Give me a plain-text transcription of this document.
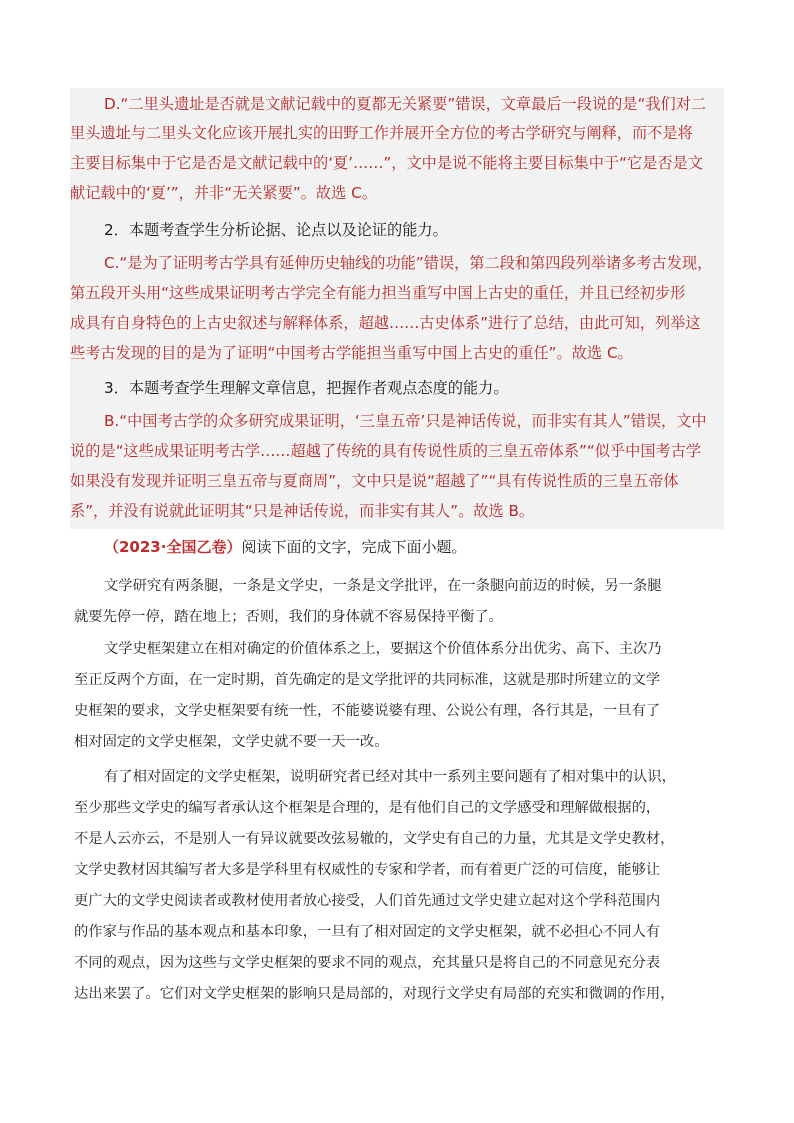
D.“二里头遗址是否就是文献记载中的夏都无关紧要”错误，文章最后一段说的是“我们对二

里头遗址与二里头文化应该开展扎实的田野工作并展开全方位的考古学研究与阐释，而不是将

主要目标集中于它是否是文献记载中的‘夏’……”，文中是说不能将主要目标集中于“它是否是文

献记载中的‘夏’”，并非“无关紧要”。故选 C。

2．本题考查学生分析论据、论点以及论证的能力。

C.“是为了证明考古学具有延伸历史轴线的功能”错误，第二段和第四段列举诸多考古发现，

第五段开头用“这些成果证明考古学完全有能力担当重写中国上古史的重任，并且已经初步形

成具有自身特色的上古史叙述与解释体系，超越……古史体系”进行了总结，由此可知，列举这

些考古发现的目的是为了证明“中国考古学能担当重写中国上古史的重任”。故选 C。

3．本题考查学生理解文章信息，把握作者观点态度的能力。

B.“中国考古学的众多研究成果证明，‘三皇五帝’只是神话传说，而非实有其人”错误，文中

说的是“这些成果证明考古学……超越了传统的具有传说性质的三皇五帝体系”“似乎中国考古学

如果没有发现并证明三皇五帝与夏商周”，文中只是说“超越了”“具有传说性质的三皇五帝体

系”，并没有说就此证明其“只是神话传说，而非实有其人”。故选 B。

（2023·全国乙卷）阅读下面的文字，完成下面小题。

文学研究有两条腿，一条是文学史，一条是文学批评，在一条腿向前迈的时候，另一条腿

就要先停一停，踏在地上；否则，我们的身体就不容易保持平衡了。

文学史框架建立在相对确定的价值体系之上，要据这个价值体系分出优劣、高下、主次乃

至正反两个方面，在一定时期，首先确定的是文学批评的共同标准，这就是那时所建立的文学

史框架的要求，文学史框架要有统一性，不能婆说婆有理、公说公有理，各行其是，一旦有了

相对固定的文学史框架，文学史就不要一天一改。

有了相对固定的文学史框架，说明研究者已经对其中一系列主要问题有了相对集中的认识，

至少那些文学史的编写者承认这个框架是合理的，是有他们自己的文学感受和理解做根据的，

不是人云亦云，不是别人一有异议就要改弦易辙的，文学史有自己的力量，尤其是文学史教材，

文学史教材因其编写者大多是学科里有权威性的专家和学者，而有着更广泛的可信度，能够让

更广大的文学史阅读者或教材使用者放心接受，人们首先通过文学史建立起对这个学科范围内

的作家与作品的基本观点和基本印象，一旦有了相对固定的文学史框架，就不必担心不同人有

不同的观点，因为这些与文学史框架的要求不同的观点，充其量只是将自己的不同意见充分表

达出来罢了。它们对文学史框架的影响只是局部的，对现行文学史有局部的充实和微调的作用，
